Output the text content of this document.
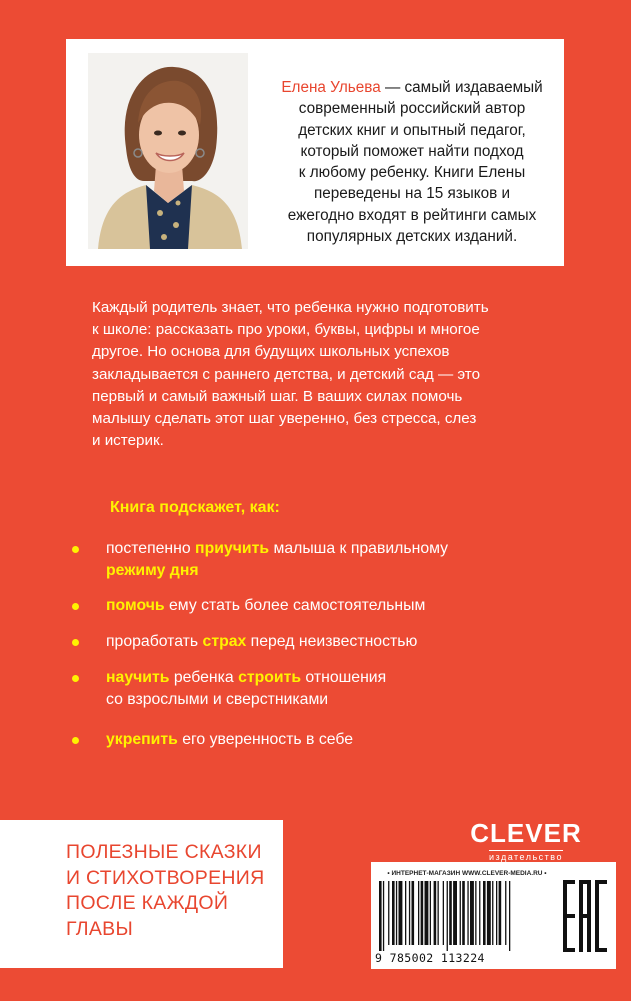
Елена Ульева — самый издаваемый
современный российский автор
детских книг и опытный педагог,
который поможет найти подход
к любому ребенку. Книги Елены
переведены на 15 языков и
ежегодно входят в рейтинги самых
популярных детских изданий.
Каждый родитель знает, что ребенка нужно подготовить
к школе: рассказать про уроки, буквы, цифры и многое
другое. Но основа для будущих школьных успехов
закладывается с раннего детства, и детский сад — это
первый и самый важный шаг. В ваших силах помочь
малышу сделать этот шаг уверенно, без стресса, слез
и истерик.
Книга подскажет, как:
постепенно приучить малыша к правильному
режиму дня
помочь ему стать более самостоятельным
проработать страх перед неизвестностью
научить ребенка строить отношения
со взрослыми и сверстниками
укрепить его уверенность в себе
ПОЛЕЗНЫЕ СКАЗКИ
И СТИХОТВОРЕНИЯ
ПОСЛЕ КАЖДОЙ
ГЛАВЫ
CLEVER
издательство
• ИНТЕРНЕТ-МАГАЗИН WWW.CLEVER-MEDIA.RU •
9 785002 113224
